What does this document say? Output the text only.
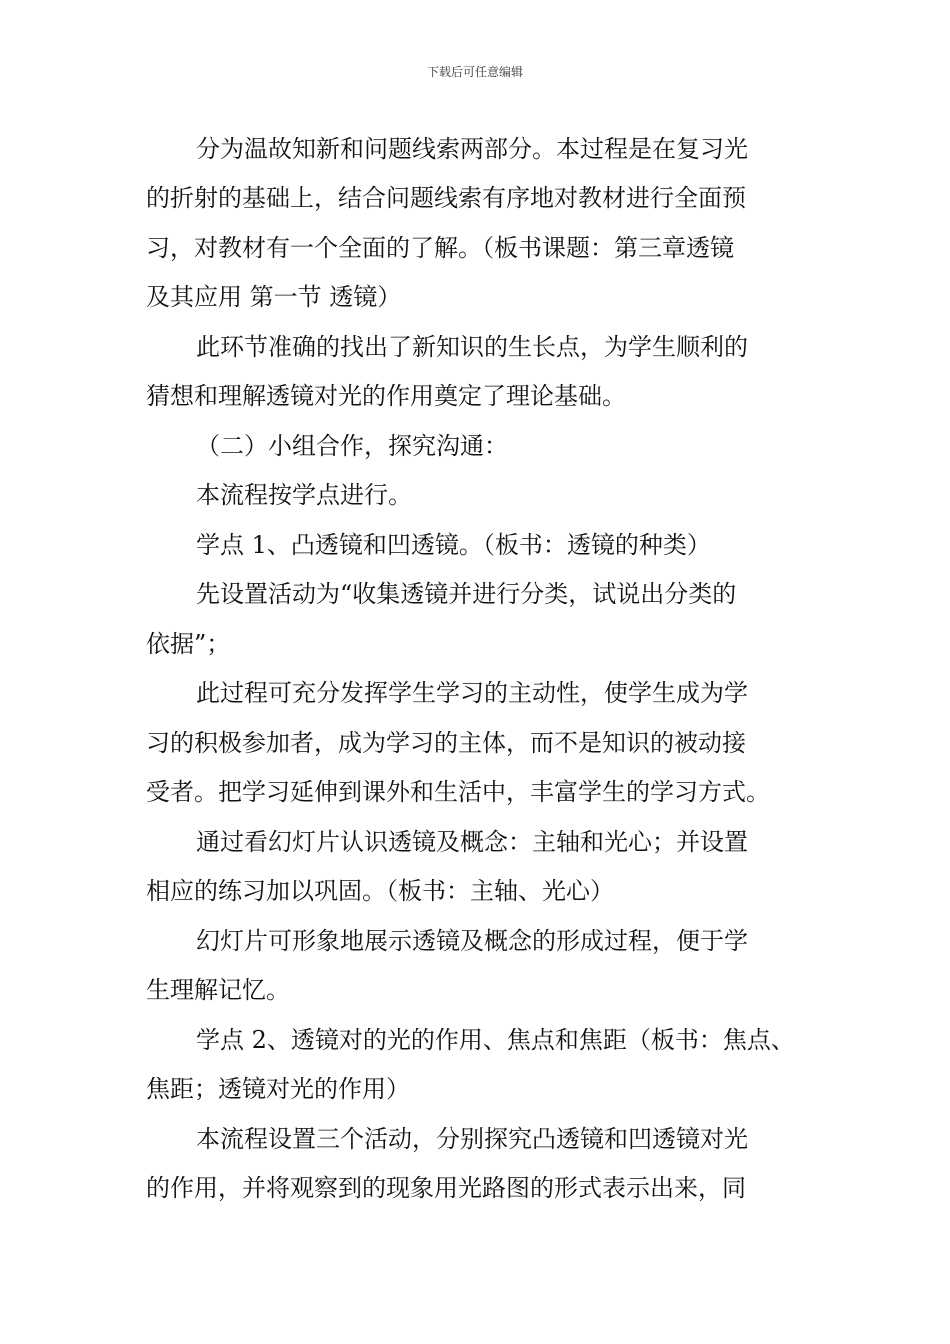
下载后可任意编辑
分为温故知新和问题线索两部分。本过程是在复习光
的折射的基础上，结合问题线索有序地对教材进行全面预
习，对教材有一个全面的了解。（板书课题：第三章透镜
及其应用 第一节 透镜）
此环节准确的找出了新知识的生长点，为学生顺利的
猜想和理解透镜对光的作用奠定了理论基础。
（二）小组合作，探究沟通：
本流程按学点进行。
学点 1、凸透镜和凹透镜。（板书：透镜的种类）
先设置活动为“收集透镜并进行分类，试说出分类的
依据”；
此过程可充分发挥学生学习的主动性，使学生成为学
习的积极参加者，成为学习的主体，而不是知识的被动接
受者。把学习延伸到课外和生活中，丰富学生的学习方式。
通过看幻灯片认识透镜及概念：主轴和光心；并设置
相应的练习加以巩固。（板书：主轴、光心）
幻灯片可形象地展示透镜及概念的形成过程，便于学
生理解记忆。
学点 2、透镜对的光的作用、焦点和焦距（板书：焦点、
焦距；透镜对光的作用）
本流程设置三个活动，分别探究凸透镜和凹透镜对光
的作用，并将观察到的现象用光路图的形式表示出来，同
